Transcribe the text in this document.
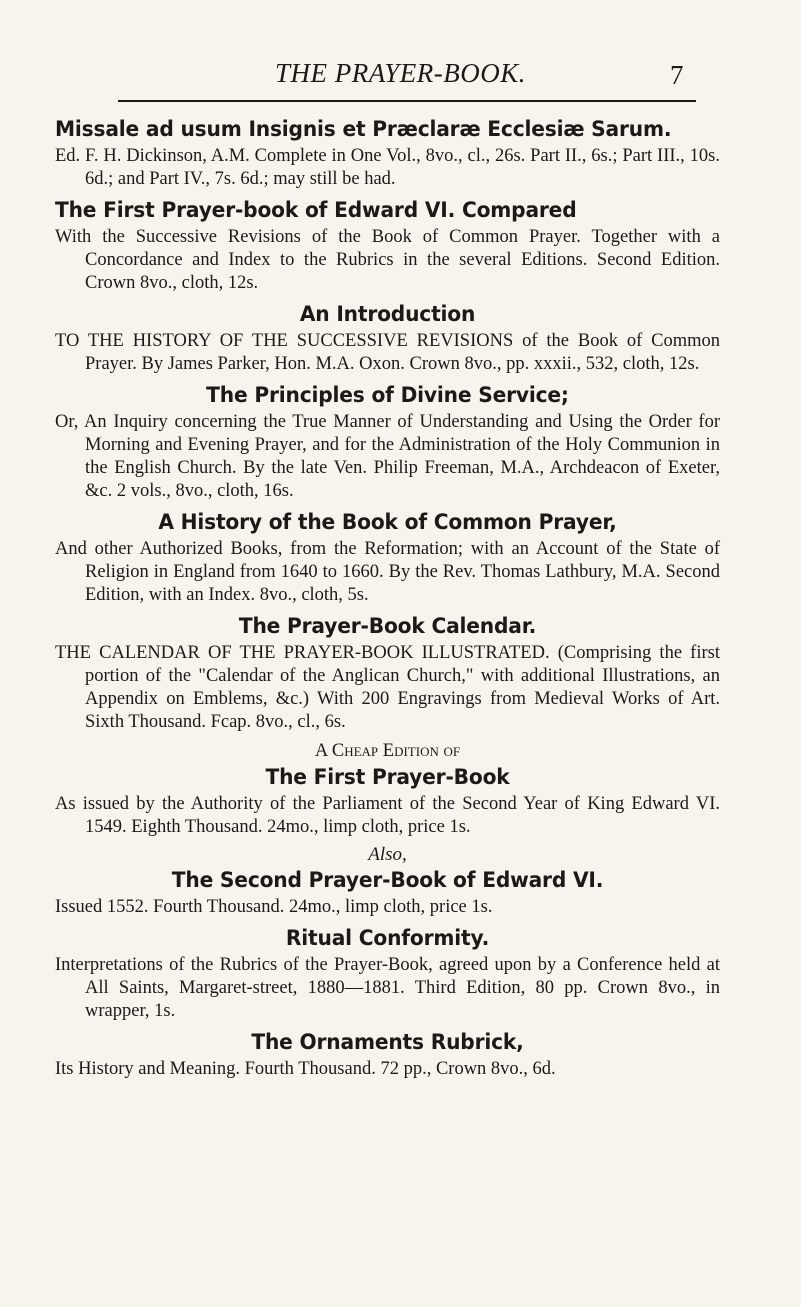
THE PRAYER-BOOK.	7
Missale ad usum Insignis et Præclaræ Ecclesiæ Sarum.
Ed. F. H. Dickinson, A.M. Complete in One Vol., 8vo., cl., 26s. Part II., 6s.; Part III., 10s. 6d.; and Part IV., 7s. 6d.; may still be had.
The First Prayer-book of Edward VI. Compared
With the Successive Revisions of the Book of Common Prayer. Together with a Concordance and Index to the Rubrics in the several Editions. Second Edition. Crown 8vo., cloth, 12s.
An Introduction
TO THE HISTORY OF THE SUCCESSIVE REVISIONS of the Book of Common Prayer. By James Parker, Hon. M.A. Oxon. Crown 8vo., pp. xxxii., 532, cloth, 12s.
The Principles of Divine Service;
Or, An Inquiry concerning the True Manner of Understanding and Using the Order for Morning and Evening Prayer, and for the Administration of the Holy Communion in the English Church. By the late Ven. Philip Freeman, M.A., Archdeacon of Exeter, &c. 2 vols., 8vo., cloth, 16s.
A History of the Book of Common Prayer,
And other Authorized Books, from the Reformation; with an Account of the State of Religion in England from 1640 to 1660. By the Rev. Thomas Lathbury, M.A. Second Edition, with an Index. 8vo., cloth, 5s.
The Prayer-Book Calendar.
THE CALENDAR OF THE PRAYER-BOOK ILLUSTRATED. (Comprising the first portion of the "Calendar of the Anglican Church," with additional Illustrations, an Appendix on Emblems, &c.) With 200 Engravings from Medieval Works of Art. Sixth Thousand. Fcap. 8vo., cl., 6s.
A Cheap Edition of
The First Prayer-Book
As issued by the Authority of the Parliament of the Second Year of King Edward VI. 1549. Eighth Thousand. 24mo., limp cloth, price 1s.
Also,
The Second Prayer-Book of Edward VI.
Issued 1552. Fourth Thousand. 24mo., limp cloth, price 1s.
Ritual Conformity.
Interpretations of the Rubrics of the Prayer-Book, agreed upon by a Conference held at All Saints, Margaret-street, 1880—1881. Third Edition, 80 pp. Crown 8vo., in wrapper, 1s.
The Ornaments Rubrick,
Its History and Meaning. Fourth Thousand. 72 pp., Crown 8vo., 6d.
